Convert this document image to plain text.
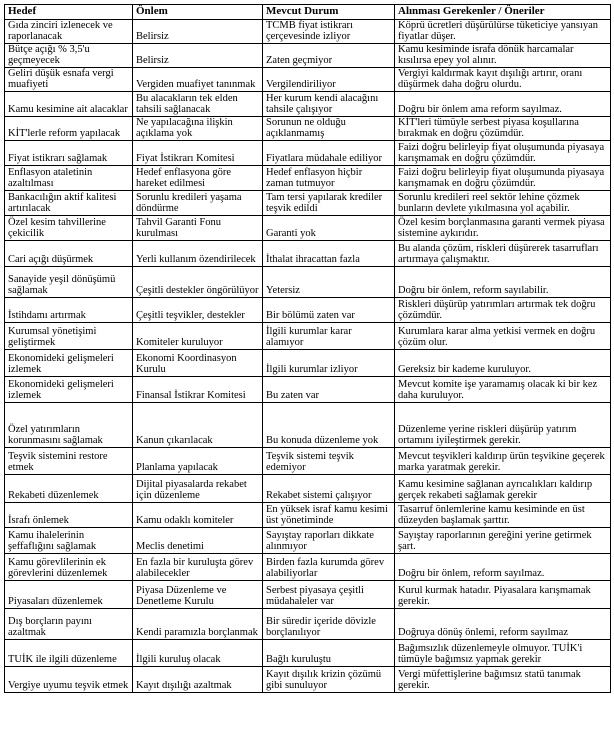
Hedef	Önlem	Mevcut Durum	Alınması Gerekenler / Öneriler
Gıda zinciri izlenecek ve raporlanacak	Belirsiz	TCMB fiyat istikrarı çerçevesinde izliyor	Köprü ücretleri düşürülürse tüketiciye yansıyan fiyatlar düşer.
Bütçe açığı % 3,5'u geçmeyecek	Belirsiz	Zaten geçmiyor	Kamu kesiminde israfa dönük harcamalar kısılırsa epey yol alınır.
Geliri düşük esnafa vergi muafiyeti	Vergiden muafiyet tanınmak	Vergilendiriliyor	Vergiyi kaldırmak kayıt dışılığı artırır, oranı düşürmek daha doğru olurdu.
Kamu kesimine ait alacaklar	Bu alacakların tek elden tahsili sağlanacak	Her kurum kendi alacağını tahsile çalışıyor	Doğru bir önlem ama reform sayılmaz.
KİT'lerle reform yapılacak	Ne yapılacağına ilişkin açıklama yok	Sorunun ne olduğu açıklanmamış	KİT'leri tümüyle serbest piyasa koşullarına bırakmak en doğru çözümdür.
Fiyat istikrarı sağlamak	Fiyat İstikrarı Komitesi	Fiyatlara müdahale ediliyor	Faizi doğru belirleyip fiyat oluşumunda piyasaya karışmamak en doğru çözümdür.
Enflasyon ataletinin azaltılması	Hedef enflasyona göre hareket edilmesi	Hedef enflasyon hiçbir zaman tutmuyor	Faizi doğru belirleyip fiyat oluşumunda piyasaya karışmamak en doğru çözümdür.
Bankacılığın aktif kalitesi artırılacak	Sorunlu kredileri yaşama döndürme	Tam tersi yapılarak krediler teşvik edildi	Sorunlu kredileri reel sektör lehine çözmek bunların devlete yıkılmasına yol açabilir.
Özel kesim tahvillerine çekicilik	Tahvil Garanti Fonu kurulması	Garanti yok	Özel kesim borçlanmasına garanti vermek piyasa sistemine aykırıdır.
Cari açığı düşürmek	Yerli kullanım özendirilecek	İthalat ihracattan fazla	Bu alanda çözüm, riskleri düşürerek tasarrufları artırmaya çalışmaktır.
Sanayide yeşil dönüşümü sağlamak	Çeşitli destekler öngörülüyor	Yetersiz	Doğru bir önlem, reform sayılabilir.
İstihdamı artırmak	Çeşitli teşvikler, destekler	Bir bölümü zaten var	Riskleri düşürüp yatırımları artırmak tek doğru çözümdür.
Kurumsal yönetişimi geliştirmek	Komiteler kuruluyor	İlgili kurumlar karar alamıyor	Kurumlara karar alma yetkisi vermek en doğru çözüm olur.
Ekonomideki gelişmeleri izlemek	Ekonomi Koordinasyon Kurulu	İlgili kurumlar izliyor	Gereksiz bir kademe kuruluyor.
Ekonomideki gelişmeleri izlemek	Finansal İstikrar Komitesi	Bu zaten var	Mevcut komite işe yaramamış olacak ki bir kez daha kuruluyor.
Özel yatırımların korunmasını sağlamak	Kanun çıkarılacak	Bu konuda düzenleme yok	Düzenleme yerine riskleri düşürüp yatırım ortamını iyileştirmek gerekir.
Teşvik sistemini restore etmek	Planlama yapılacak	Teşvik sistemi teşvik edemiyor	Mevcut teşvikleri kaldırıp ürün teşvikine geçerek marka yaratmak gerekir.
Rekabeti düzenlemek	Dijital piyasalarda rekabet için düzenleme	Rekabet sistemi çalışıyor	Kamu kesimine sağlanan ayrıcalıkları kaldırıp gerçek rekabeti sağlamak gerekir
İsrafı önlemek	Kamu odaklı komiteler	En yüksek israf kamu kesimi üst yönetiminde	Tasarruf önlemlerine kamu kesiminde en üst düzeyden başlamak şarttır.
Kamu ihalelerinin şeffaflığını sağlamak	Meclis denetimi	Sayıştay raporları dikkate alınmıyor	Sayıştay raporlarının gereğini yerine getirmek şart.
Kamu görevlilerinin ek görevlerini düzenlemek	En fazla bir kuruluşta görev alabilecekler	Birden fazla kurumda görev alabiliyorlar	Doğru bir önlem, reform sayılmaz.
Piyasaları düzenlemek	Piyasa Düzenleme ve Denetleme Kurulu	Serbest piyasaya çeşitli müdahaleler var	Kurul kurmak hatadır. Piyasalara karışmamak gerekir.
Dış borçların payını azaltmak	Kendi paramızla borçlanmak	Bir süredir içeride dövizle borçlanılıyor	Doğruya dönüş önlemi, reform sayılmaz
TUİK ile ilgili düzenleme	İlgili kuruluş olacak	Bağlı kuruluştu	Bağımsızlık düzenlemeyle olmuyor. TUİK'i tümüyle bağımsız yapmak gerekir
Vergiye uyumu teşvik etmek	Kayıt dışılığı azaltmak	Kayıt dışılık krizin çözümü gibi sunuluyor	Vergi müfettişlerine bağımsız statü tanımak gerekir.
